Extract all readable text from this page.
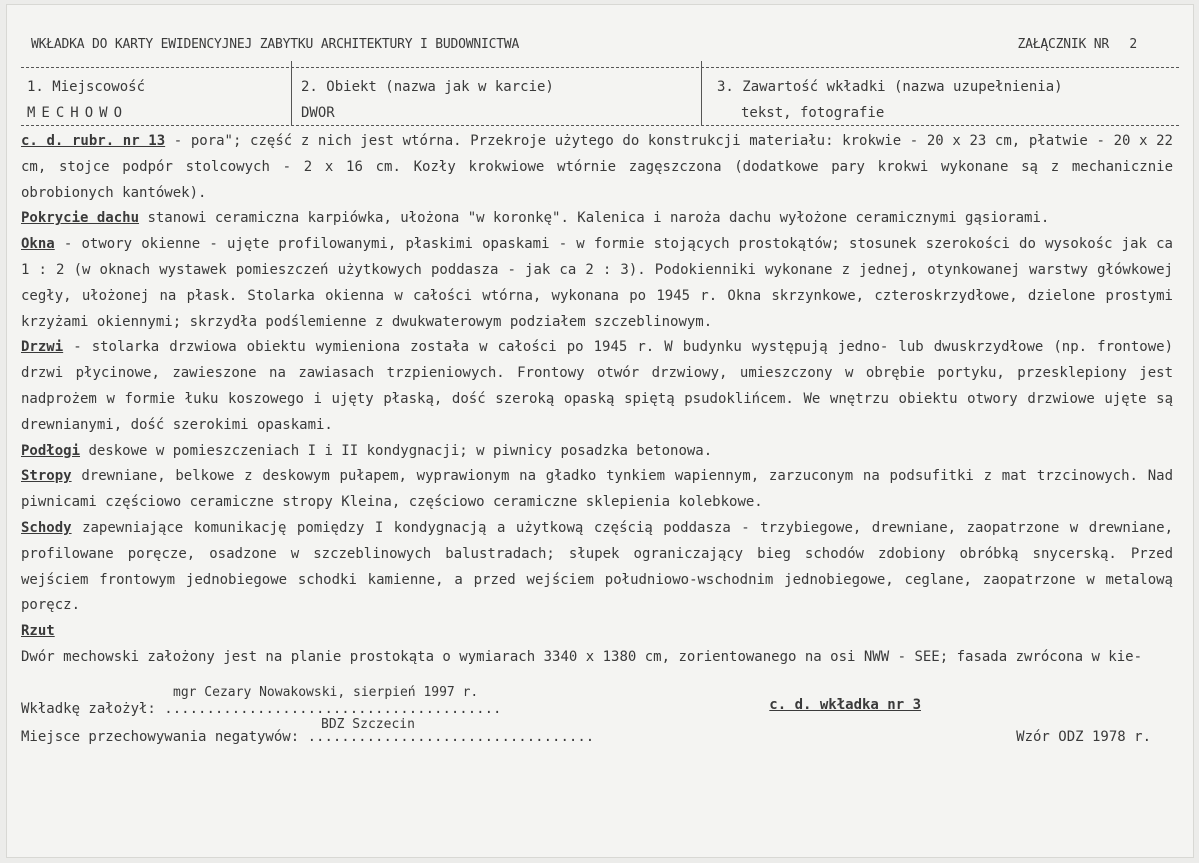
WKŁADKA DO KARTY EWIDENCYJNEJ ZABYTKU ARCHITEKTURY I BUDOWNICTWA	ZAŁĄCZNIK NR 2
1. Miejscowość
MECHOWO
2. Obiekt (nazwa jak w karcie)
DWOR
3. Zawartość wkładki (nazwa uzupełnienia)
tekst, fotografie

c. d. rubr. nr 13 - pora"; część z nich jest wtórna. Przekroje użytego do konstrukcji materiału: krokwie - 20 x 23 cm, płatwie - 20 x 22 cm, stojce podpór stolcowych - 2 x 16 cm. Kozły krokwiowe wtórnie zagęszczona (dodatkowe pary krokwi wykonane są z mechanicznie obrobionych kantówek).

Pokrycie dachu stanowi ceramiczna karpiówka, ułożona "w koronkę". Kalenica i naroża dachu wyłożone ceramicznymi gąsiorami.

Okna - otwory okienne - ujęte profilowanymi, płaskimi opaskami - w formie stojących prostokątów; stosunek szerokości do wysokośc jak ca 1 : 2 (w oknach wystawek pomieszczeń użytkowych poddasza - jak ca 2 : 3). Podokienniki wykonane z jednej, otynkowanej warstwy główkowej cegły, ułożonej na płask. Stolarka okienna w całości wtórna, wykonana po 1945 r. Okna skrzynkowe, czteroskrzydłowe, dzielone prostymi krzyżami okiennymi; skrzydła podślemienne z dwukwaterowym podziałem szczeblinowym.

Drzwi - stolarka drzwiowa obiektu wymieniona została w całości po 1945 r. W budynku występują jedno- lub dwuskrzydłowe (np. frontowe) drzwi płycinowe, zawieszone na zawiasach trzpieniowych. Frontowy otwór drzwiowy, umieszczony w obrębie portyku, przesklepiony jest nadprożem w formie łuku koszowego i ujęty płaską, dość szeroką opaską spiętą psudoklińcem. We wnętrzu obiektu otwory drzwiowe ujęte są drewnianymi, dość szerokimi opaskami.

Podłogi deskowe w pomieszczeniach I i II kondygnacji; w piwnicy posadzka betonowa.

Stropy drewniane, belkowe z deskowym pułapem, wyprawionym na gładko tynkiem wapiennym, zarzuconym na podsufitki z mat trzcinowych. Nad piwnicami częściowo ceramiczne stropy Kleina, częściowo ceramiczne sklepienia kolebkowe.

Schody zapewniające komunikację pomiędzy I kondygnacją a użytkową częścią poddasza - trzybiegowe, drewniane, zaopatrzone w drewniane, profilowane poręcze, osadzone w szczeblinowych balustradach; słupek ograniczający bieg schodów zdobiony obróbką snycerską. Przed wejściem frontowym jednobiegowe schodki kamienne, a przed wejściem południowo-wschodnim jednobiegowe, ceglane, zaopatrzone w metalową poręcz.

Rzut

Dwór mechowski założony jest na planie prostokąta o wymiarach 3340 x 1380 cm, zorientowanego na osi NWW - SEE; fasada zwrócona w kie-

mgr Cezary Nowakowski, sierpień 1997 r.
Wkładkę założył: ........................................	c. d. wkładka nr 3
BDZ Szczecin
Miejsce przechowywania negatywów: ..................................	Wzór ODZ 1978 r.
